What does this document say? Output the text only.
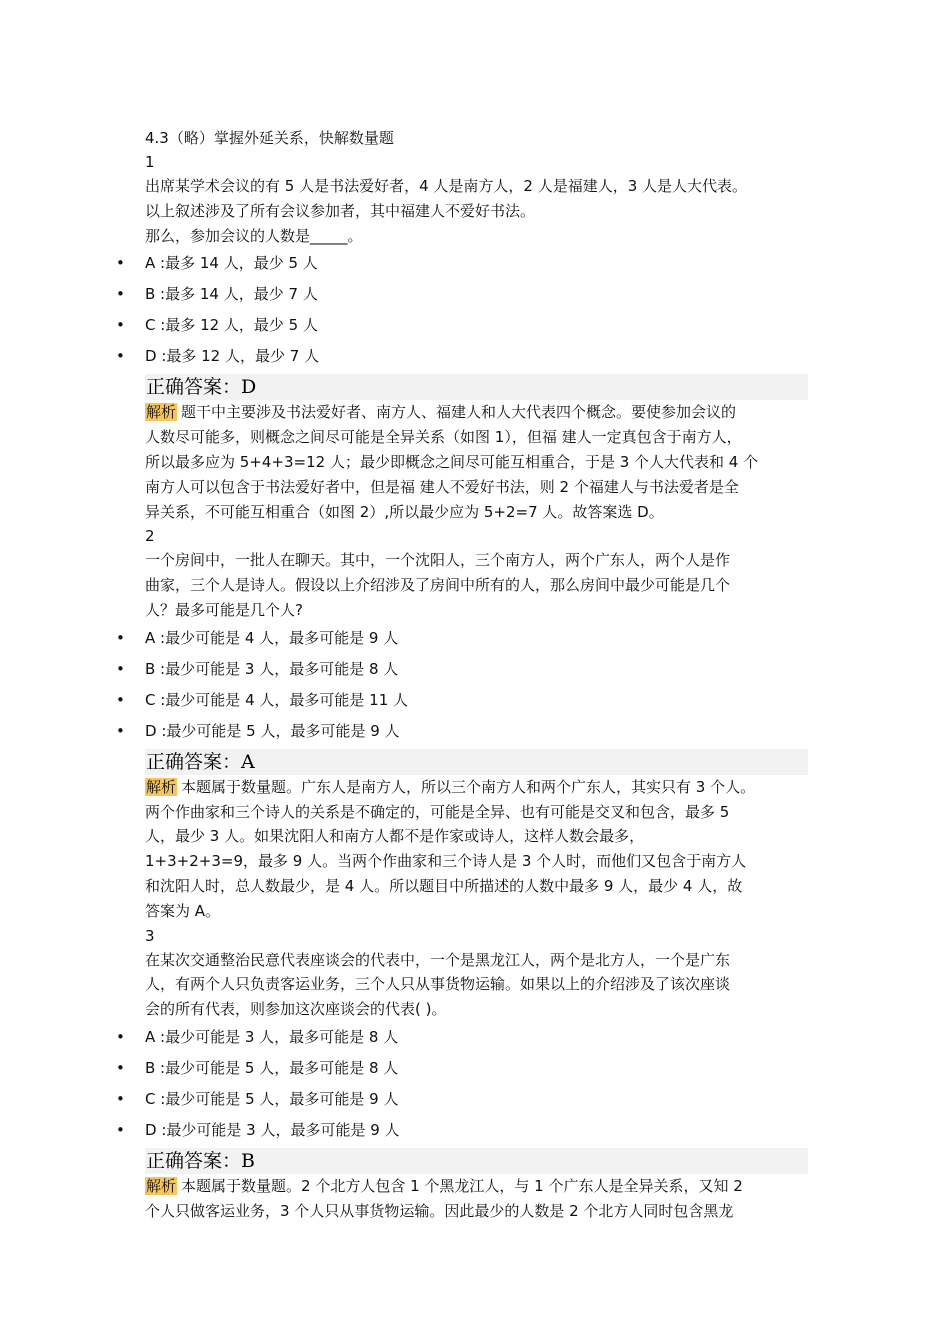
4.3（略）掌握外延关系，快解数量题
1
出席某学术会议的有 5 人是书法爱好者，4 人是南方人，2 人是福建人，3 人是人大代表。
以上叙述涉及了所有会议参加者，其中福建人不爱好书法。
那么，参加会议的人数是_____。
• A :最多 14 人，最少 5 人
• B :最多 14 人，最少 7 人
• C :最多 12 人，最少 5 人
• D :最多 12 人，最少 7 人
正确答案：D
解析 题干中主要涉及书法爱好者、南方人、福建人和人大代表四个概念。要使参加会议的
人数尽可能多，则概念之间尽可能是全异关系（如图 1），但福 建人一定真包含于南方人，
所以最多应为 5+4+3=12 人；最少即概念之间尽可能互相重合，于是 3 个人大代表和 4 个
南方人可以包含于书法爱好者中，但是福 建人不爱好书法，则 2 个福建人与书法爱者是全
异关系，不可能互相重合（如图 2）,所以最少应为 5+2=7 人。故答案选 D。
2
一个房间中，一批人在聊天。其中，一个沈阳人，三个南方人，两个广东人，两个人是作
曲家，三个人是诗人。假设以上介绍涉及了房间中所有的人，那么房间中最少可能是几个
人？最多可能是几个人?
• A :最少可能是 4 人，最多可能是 9 人
• B :最少可能是 3 人，最多可能是 8 人
• C :最少可能是 4 人，最多可能是 11 人
• D :最少可能是 5 人，最多可能是 9 人
正确答案：A
解析 本题属于数量题。广东人是南方人，所以三个南方人和两个广东人，其实只有 3 个人。
两个作曲家和三个诗人的关系是不确定的，可能是全异、也有可能是交叉和包含，最多 5
人，最少 3 人。如果沈阳人和南方人都不是作家或诗人，这样人数会最多，
1+3+2+3=9，最多 9 人。当两个作曲家和三个诗人是 3 个人时，而他们又包含于南方人
和沈阳人时，总人数最少，是 4 人。所以题目中所描述的人数中最多 9 人，最少 4 人，故
答案为 A。
3
在某次交通整治民意代表座谈会的代表中，一个是黑龙江人，两个是北方人，一个是广东
人，有两个人只负责客运业务，三个人只从事货物运输。如果以上的介绍涉及了该次座谈
会的所有代表，则参加这次座谈会的代表( )。
• A :最少可能是 3 人，最多可能是 8 人
• B :最少可能是 5 人，最多可能是 8 人
• C :最少可能是 5 人，最多可能是 9 人
• D :最少可能是 3 人，最多可能是 9 人
正确答案：B
解析 本题属于数量题。2 个北方人包含 1 个黑龙江人，与 1 个广东人是全异关系，又知 2
个人只做客运业务，3 个人只从事货物运输。因此最少的人数是 2 个北方人同时包含黑龙
